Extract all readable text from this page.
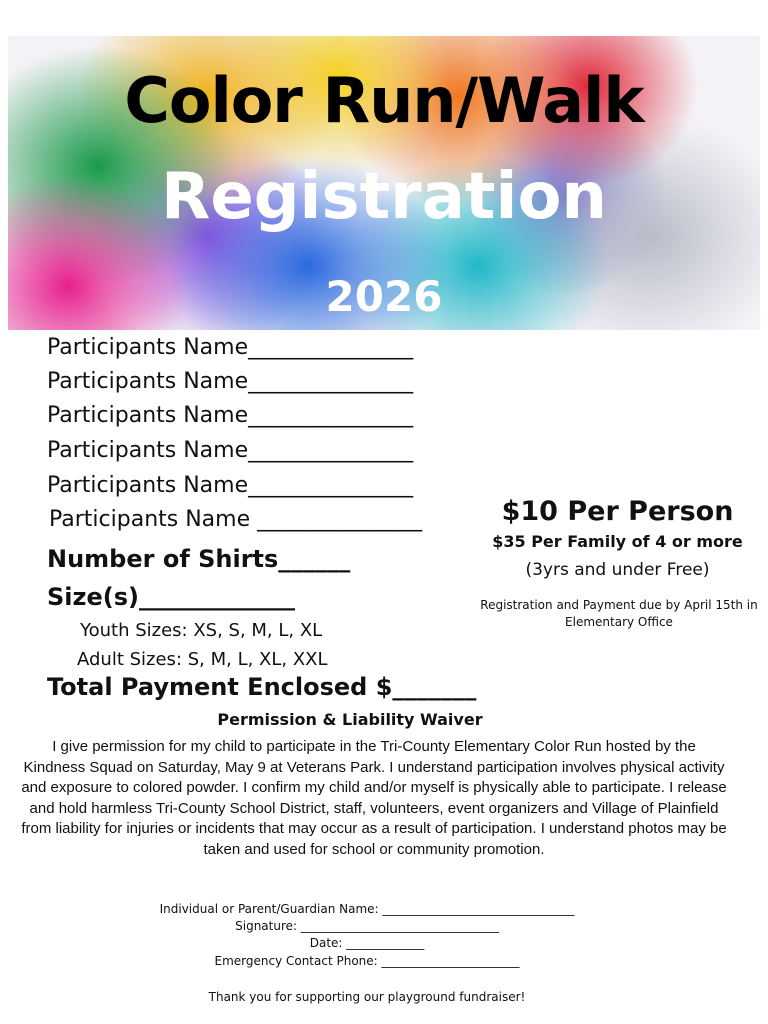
Color Run/Walk
Registration
2026
Participants Name_______________
Participants Name_______________
Participants Name_______________
Participants Name_______________
Participants Name_______________
Participants Name _______________
Number of Shirts______
Size(s)_____________
Youth Sizes: XS, S, M, L, XL
Adult Sizes: S, M, L, XL, XXL
Total Payment Enclosed $_______
$10 Per Person
$35 Per Family of 4 or more
(3yrs and under Free)
Registration and Payment due by April 15th in Elementary Office
Permission & Liability Waiver
I give permission for my child to participate in the Tri-County Elementary Color Run hosted by the Kindness Squad on Saturday, May 9 at Veterans Park. I understand participation involves physical activity and exposure to colored powder. I confirm my child and/or myself is physically able to participate. I release and hold harmless Tri-County School District, staff, volunteers, event organizers and Village of Plainfield from liability for injuries or incidents that may occur as a result of participation. I understand photos may be taken and used for school or community promotion.
Individual or Parent/Guardian Name: ________________________________
Signature: _________________________________
Date: _____________
Emergency Contact Phone: _______________________
Thank you for supporting our playground fundraiser!
